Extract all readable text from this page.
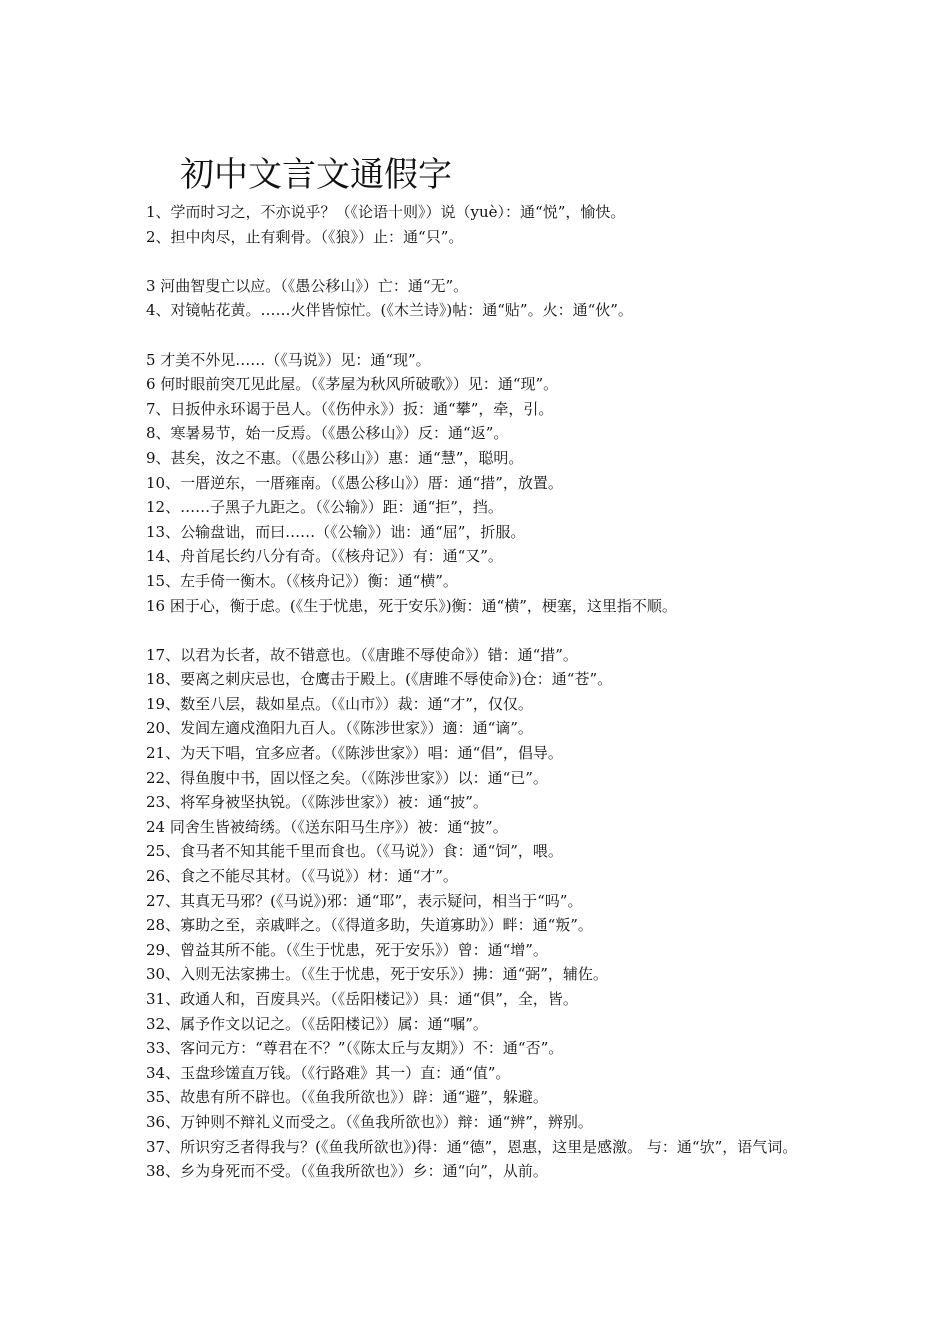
初中文言文通假字
1、学而时习之，不亦说乎？（《论语十则》）说（yuè）：通“悦”，愉快。
2、担中肉尽，止有剩骨。（《狼》）止：通“只”。
3 河曲智叟亡以应。（《愚公移山》）亡：通“无”。
4、对镜帖花黄。……火伴皆惊忙。(《木兰诗》)帖：通“贴”。火：通“伙”。
5 才美不外见……（《马说》）见：通“现”。
6 何时眼前突兀见此屋。（《茅屋为秋风所破歌》）见：通“现”。
7、日扳仲永环谒于邑人。（《伤仲永》）扳：通“攀”，牵，引。
8、寒暑易节，始一反焉。（《愚公移山》）反：通“返”。
9、甚矣，汝之不惠。（《愚公移山》）惠：通“慧”，聪明。
10、一厝逆东，一厝雍南。（《愚公移山》）厝：通“措”，放置。
12、……子黑子九距之。（《公输》）距：通“拒”，挡。
13、公输盘诎，而曰……（《公输》）诎：通“屈”，折服。
14、舟首尾长约八分有奇。（《核舟记》）有：通“又”。
15、左手倚一衡木。（《核舟记》）衡：通“横”。
16 困于心，衡于虑。(《生于忧患，死于安乐》)衡：通“横”，梗塞，这里指不顺。
17、以君为长者，故不错意也。（《唐雎不辱使命》）错：通“措”。
18、要离之刺庆忌也，仓鹰击于殿上。(《唐雎不辱使命》)仓：通“苍”。
19、数至八层，裁如星点。（《山市》）裁：通“才”，仅仅。
20、发闾左適戍渔阳九百人。（《陈涉世家》）適：通“谪”。
21、为天下唱，宜多应者。（《陈涉世家》）唱：通“倡”，倡导。
22、得鱼腹中书，固以怪之矣。（《陈涉世家》）以：通“已”。
23、将军身被坚执锐。（《陈涉世家》）被：通“披”。
24 同舍生皆被绮绣。（《送东阳马生序》）被：通“披”。
25、食马者不知其能千里而食也。（《马说》）食：通“饲”，喂。
26、食之不能尽其材。（《马说》）材：通“才”。
27、其真无马邪？(《马说》)邪：通“耶”，表示疑问，相当于“吗”。
28、寡助之至，亲戚畔之。（《得道多助，失道寡助》）畔：通“叛”。
29、曾益其所不能。（《生于忧患，死于安乐》）曾：通“增”。
30、入则无法家拂士。（《生于忧患，死于安乐》）拂：通“弼”，辅佐。
31、政通人和，百废具兴。（《岳阳楼记》）具：通“俱”，全，皆。
32、属予作文以记之。（《岳阳楼记》）属：通“嘱”。
33、客问元方：“尊君在不？”（《陈太丘与友期》）不：通“否”。
34、玉盘珍馐直万钱。（《行路难》其一）直：通“值”。
35、故患有所不辟也。（《鱼我所欲也》）辟：通“避”，躲避。
36、万钟则不辩礼义而受之。（《鱼我所欲也》）辩：通“辨”，辨别。
37、所识穷乏者得我与？(《鱼我所欲也》)得：通“德”，恩惠，这里是感激。 与：通“欤”，语气词。
38、乡为身死而不受。（《鱼我所欲也》）乡：通“向”，从前。
